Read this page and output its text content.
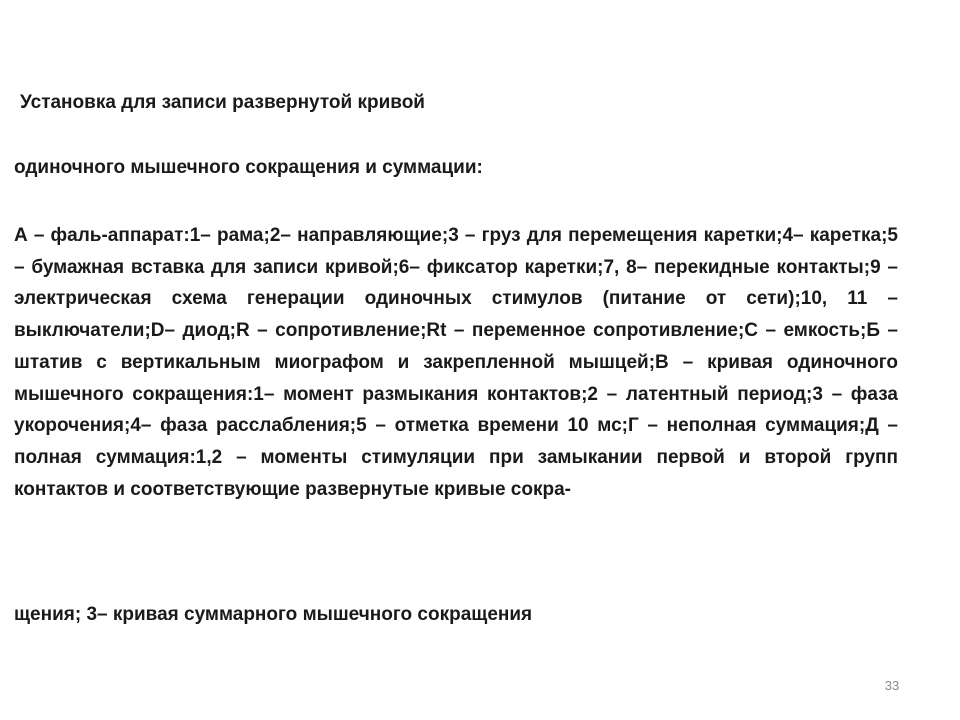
Установка для записи развернутой кривой
одиночного мышечного сокращения и суммации:
А – фаль-аппарат:1– рама;2– направляющие;3 – груз для перемещения каретки;4– каретка;5 – бумажная вставка для записи кривой;6– фиксатор каретки;7, 8– перекидные контакты;9 – электрическая схема генерации одиночных стимулов (питание от сети);10, 11 – выключатели;D– диод;R – сопротивление;Rt – переменное сопротивление;С – емкость;Б – штатив с вертикальным миографом и закрепленной мышцей;В – кривая одиночного мышечного сокращения:1– момент размыкания контактов;2 – латентный период;3 – фаза укорочения;4– фаза расслабления;5 – отметка времени 10 мс;Г – неполная суммация;Д – полная суммация:1,2 – моменты стимуляции при замыкании первой и второй групп контактов и соответствующие развернутые кривые сокра-
щения; 3– кривая суммарного мышечного сокращения
33
